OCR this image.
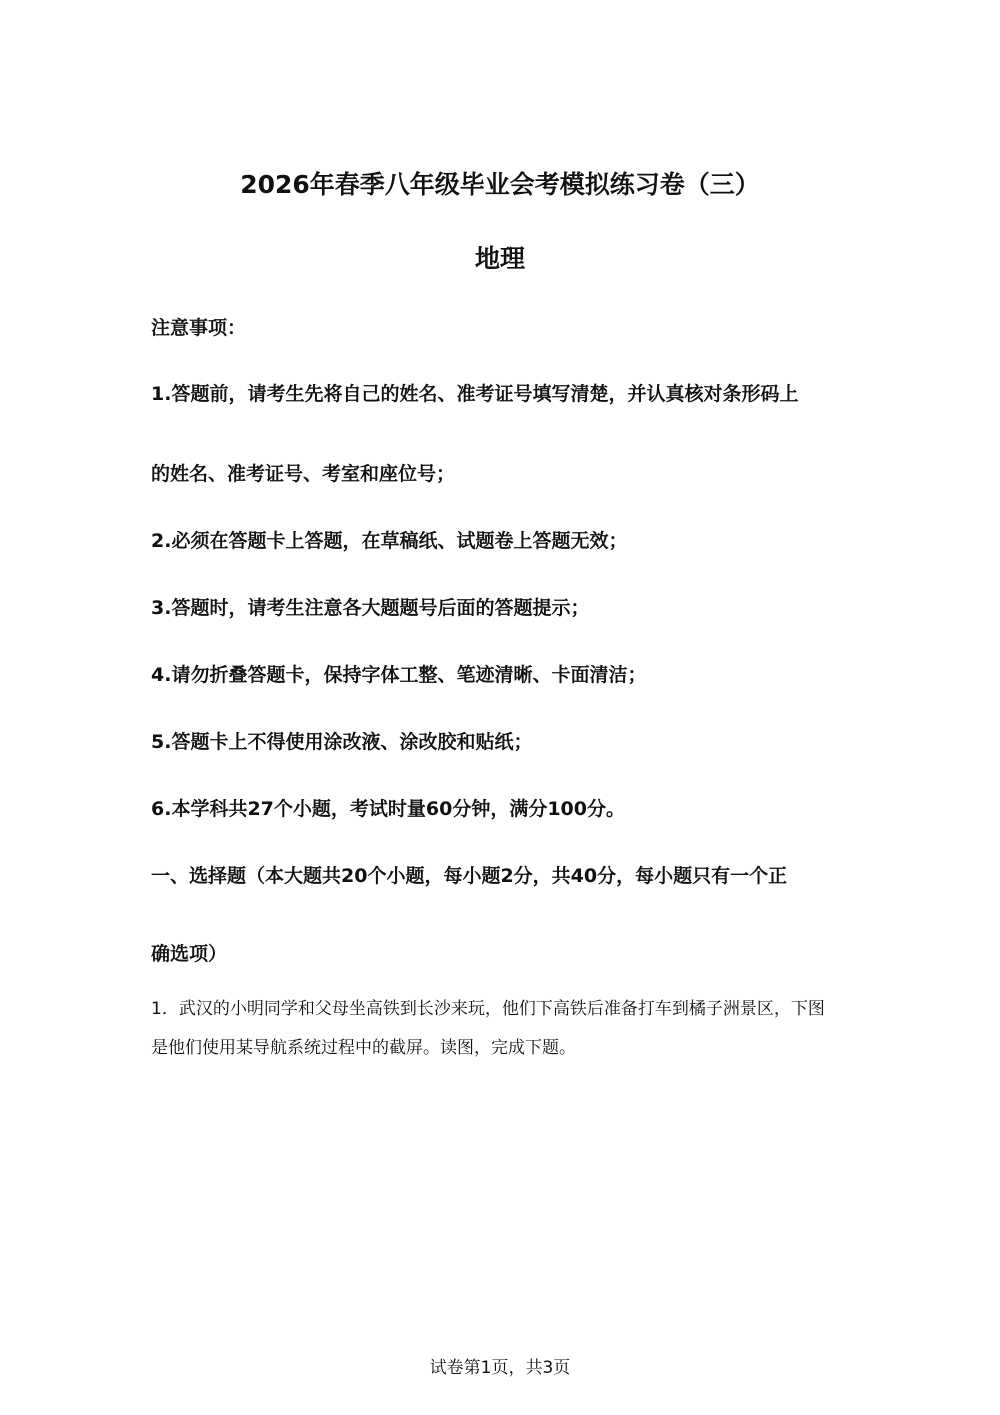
2026年春季八年级毕业会考模拟练习卷（三）
地理

注意事项：

1.答题前，请考生先将自己的姓名、准考证号填写清楚，并认真核对条形码上

的姓名、准考证号、考室和座位号；

2.必须在答题卡上答题，在草稿纸、试题卷上答题无效；

3.答题时，请考生注意各大题题号后面的答题提示；

4.请勿折叠答题卡，保持字体工整、笔迹清晰、卡面清洁；

5.答题卡上不得使用涂改液、涂改胶和贴纸；

6.本学科共27个小题，考试时量60分钟，满分100分。

一、选择题（本大题共20个小题，每小题2分，共40分，每小题只有一个正

确选项）

1．武汉的小明同学和父母坐高铁到长沙来玩，他们下高铁后准备打车到橘子洲景区，下图

是他们使用某导航系统过程中的截屏。读图，完成下题。

试卷第1页，共3页
